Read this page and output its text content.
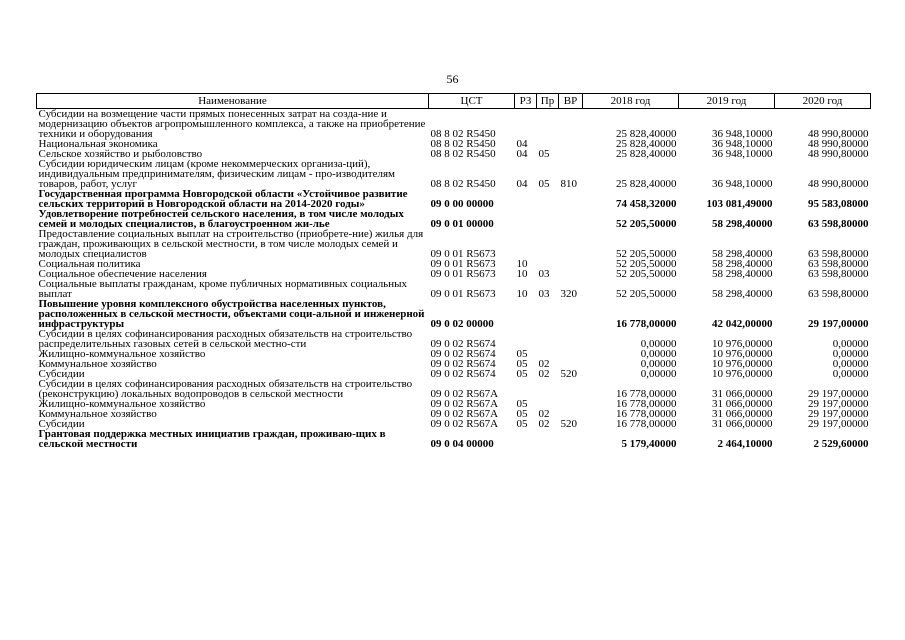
56
Наименование	ЦСТ	РЗ	Пр	ВР	2018 год	2019 год	2020 год
Субсидии на возмещение части прямых понесенных затрат на созда-ние и модернизацию объектов агропромышленного комплекса, а также на приобретение техники и оборудования	08 8 02 R5450				25 828,40000	36 948,10000	48 990,80000
Национальная экономика	08 8 02 R5450	04			25 828,40000	36 948,10000	48 990,80000
Сельское хозяйство и рыболовство	08 8 02 R5450	04	05		25 828,40000	36 948,10000	48 990,80000
Субсидии юридическим лицам (кроме некоммерческих организа-ций), индивидуальным предпринимателям, физическим лицам - про-изводителям товаров, работ, услуг	08 8 02 R5450	04	05	810	25 828,40000	36 948,10000	48 990,80000
Государственная программа Новгородской области «Устойчивое развитие сельских территорий в Новгородской области на 2014-2020 годы»	09 0 00 00000				74 458,32000	103 081,49000	95 583,08000
Удовлетворение потребностей сельского населения, в том числе молодых семей и молодых специалистов, в благоустроенном жи-лье	09 0 01 00000				52 205,50000	58 298,40000	63 598,80000
Предоставление социальных выплат на строительство (приобрете-ние) жилья для граждан, проживающих в сельской местности, в том числе молодых семей и молодых специалистов	09 0 01 R5673				52 205,50000	58 298,40000	63 598,80000
Социальная политика	09 0 01 R5673	10			52 205,50000	58 298,40000	63 598,80000
Социальное обеспечение населения	09 0 01 R5673	10	03		52 205,50000	58 298,40000	63 598,80000
Социальные выплаты гражданам, кроме публичных нормативных социальных выплат	09 0 01 R5673	10	03	320	52 205,50000	58 298,40000	63 598,80000
Повышение уровня комплексного обустройства населенных пунктов, расположенных в сельской местности, объектами соци-альной и инженерной инфраструктуры	09 0 02 00000				16 778,00000	42 042,00000	29 197,00000
Субсидии в целях софинансирования расходных обязательств на строительство распределительных газовых сетей в сельской местно-сти	09 0 02 R5674				0,00000	10 976,00000	0,00000
Жилищно-коммунальное хозяйство	09 0 02 R5674	05			0,00000	10 976,00000	0,00000
Коммунальное хозяйство	09 0 02 R5674	05	02		0,00000	10 976,00000	0,00000
Субсидии	09 0 02 R5674	05	02	520	0,00000	10 976,00000	0,00000
Субсидии в целях софинансирования расходных обязательств на строительство (реконструкцию) локальных водопроводов в сельской местности	09 0 02 R567A				16 778,00000	31 066,00000	29 197,00000
Жилищно-коммунальное хозяйство	09 0 02 R567A	05			16 778,00000	31 066,00000	29 197,00000
Коммунальное хозяйство	09 0 02 R567A	05	02		16 778,00000	31 066,00000	29 197,00000
Субсидии	09 0 02 R567A	05	02	520	16 778,00000	31 066,00000	29 197,00000
Грантовая поддержка местных инициатив граждан, проживаю-щих в сельской местности	09 0 04 00000				5 179,40000	2 464,10000	2 529,60000
